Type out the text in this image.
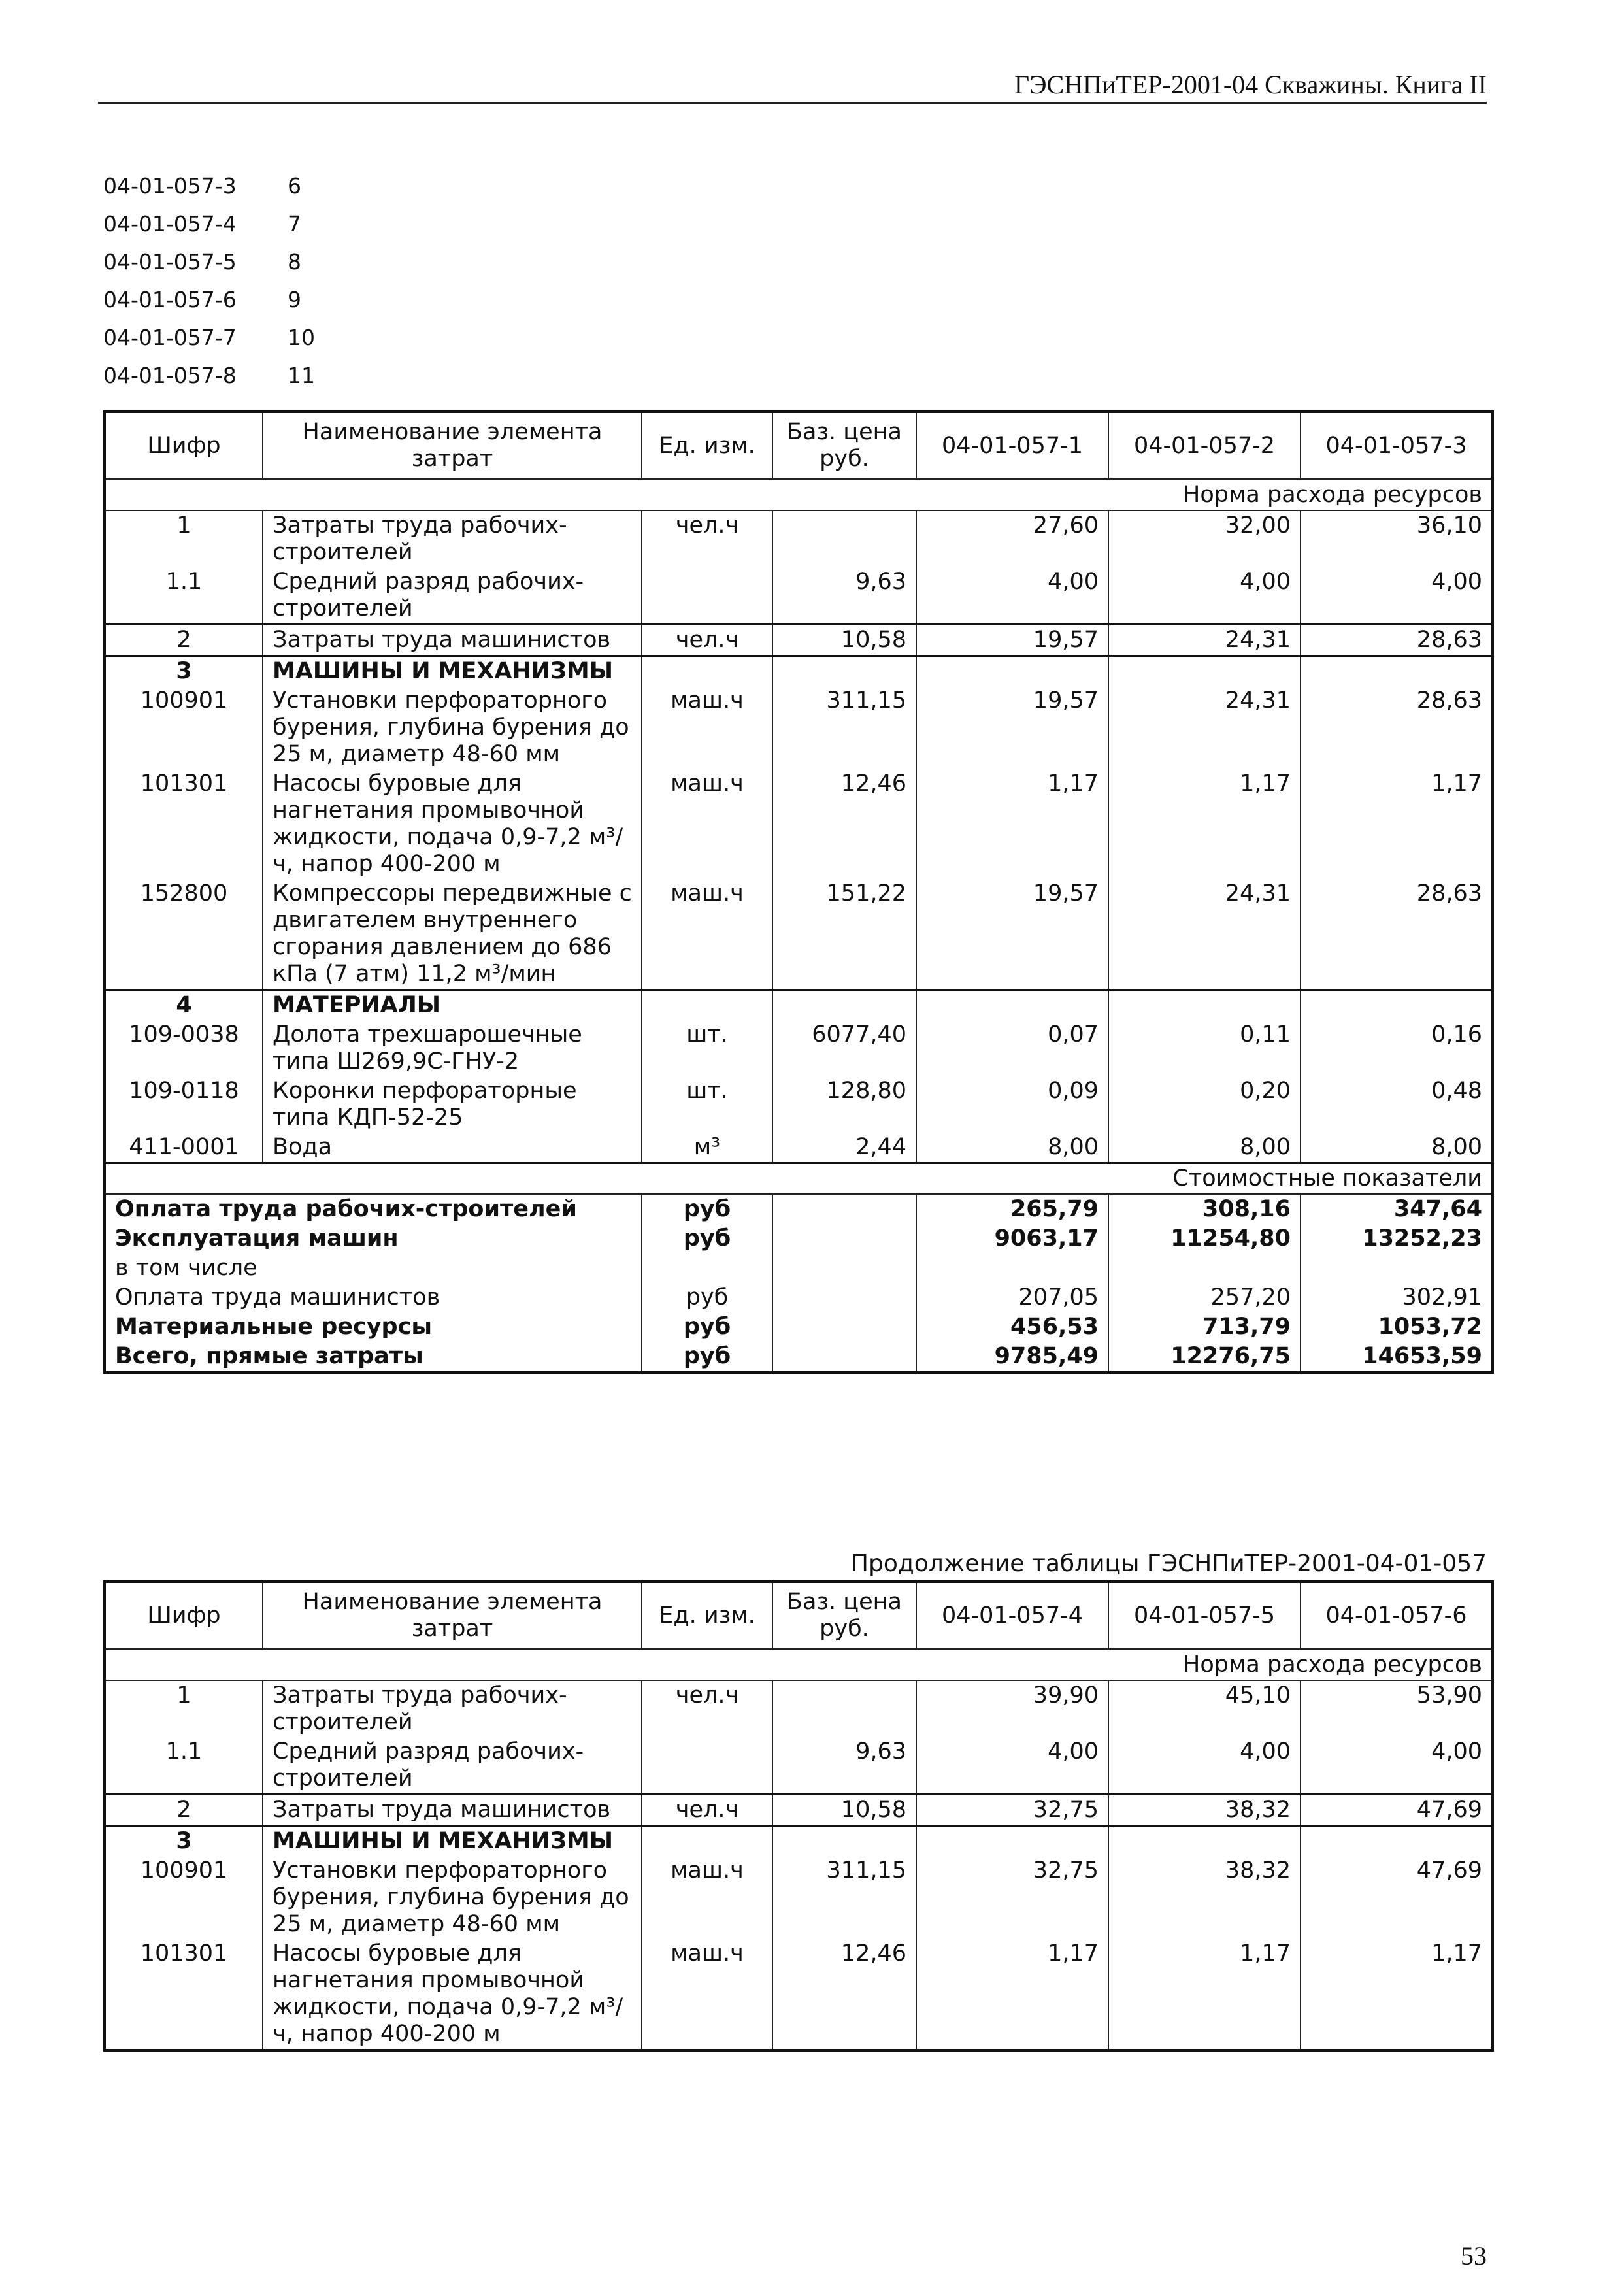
ГЭСНПиТЕР-2001-04 Скважины. Книга II
04-01-057-3 6
04-01-057-4 7
04-01-057-5 8
04-01-057-6 9
04-01-057-7 10
04-01-057-8 11
Шифр	Наименование элемента затрат	Ед. изм.	Баз. цена руб.	04-01-057-1	04-01-057-2	04-01-057-3
Норма расхода ресурсов						
1	Затраты труда рабочих-строителей	чел.ч		27,60	32,00	36,10
1.1	Средний разряд рабочих-строителей		9,63	4,00	4,00	4,00
2	Затраты труда машинистов	чел.ч	10,58	19,57	24,31	28,63
3	МАШИНЫ И МЕХАНИЗМЫ					
100901	Установки перфораторного бурения, глубина бурения до 25 м, диаметр 48-60 мм	маш.ч	311,15	19,57	24,31	28,63
101301	Насосы буровые для нагнетания промывочной жидкости, подача 0,9-7,2 м³/ч, напор 400-200 м	маш.ч	12,46	1,17	1,17	1,17
152800	Компрессоры передвижные с двигателем внутреннего сгорания давлением до 686 кПа (7 атм) 11,2 м³/мин	маш.ч	151,22	19,57	24,31	28,63
4	МАТЕРИАЛЫ					
109-0038	Долота трехшарошечные типа Ш269,9С-ГНУ-2	шт.	6077,40	0,07	0,11	0,16
109-0118	Коронки перфораторные типа КДП-52-25	шт.	128,80	0,09	0,20	0,48
411-0001	Вода	м³	2,44	8,00	8,00	8,00
Стоимостные показатели						
Оплата труда рабочих-строителей		руб		265,79	308,16	347,64
Эксплуатация машин		руб		9063,17	11254,80	13252,23
в том числе						
Оплата труда машинистов		руб		207,05	257,20	302,91
Материальные ресурсы		руб		456,53	713,79	1053,72
Всего, прямые затраты		руб		9785,49	12276,75	14653,59
Продолжение таблицы ГЭСНПиТЕР-2001-04-01-057
Шифр	Наименование элемента затрат	Ед. изм.	Баз. цена руб.	04-01-057-4	04-01-057-5	04-01-057-6
Норма расхода ресурсов						
1	Затраты труда рабочих-строителей	чел.ч		39,90	45,10	53,90
1.1	Средний разряд рабочих-строителей		9,63	4,00	4,00	4,00
2	Затраты труда машинистов	чел.ч	10,58	32,75	38,32	47,69
3	МАШИНЫ И МЕХАНИЗМЫ					
100901	Установки перфораторного бурения, глубина бурения до 25 м, диаметр 48-60 мм	маш.ч	311,15	32,75	38,32	47,69
101301	Насосы буровые для нагнетания промывочной жидкости, подача 0,9-7,2 м³/ч, напор 400-200 м	маш.ч	12,46	1,17	1,17	1,17
53
